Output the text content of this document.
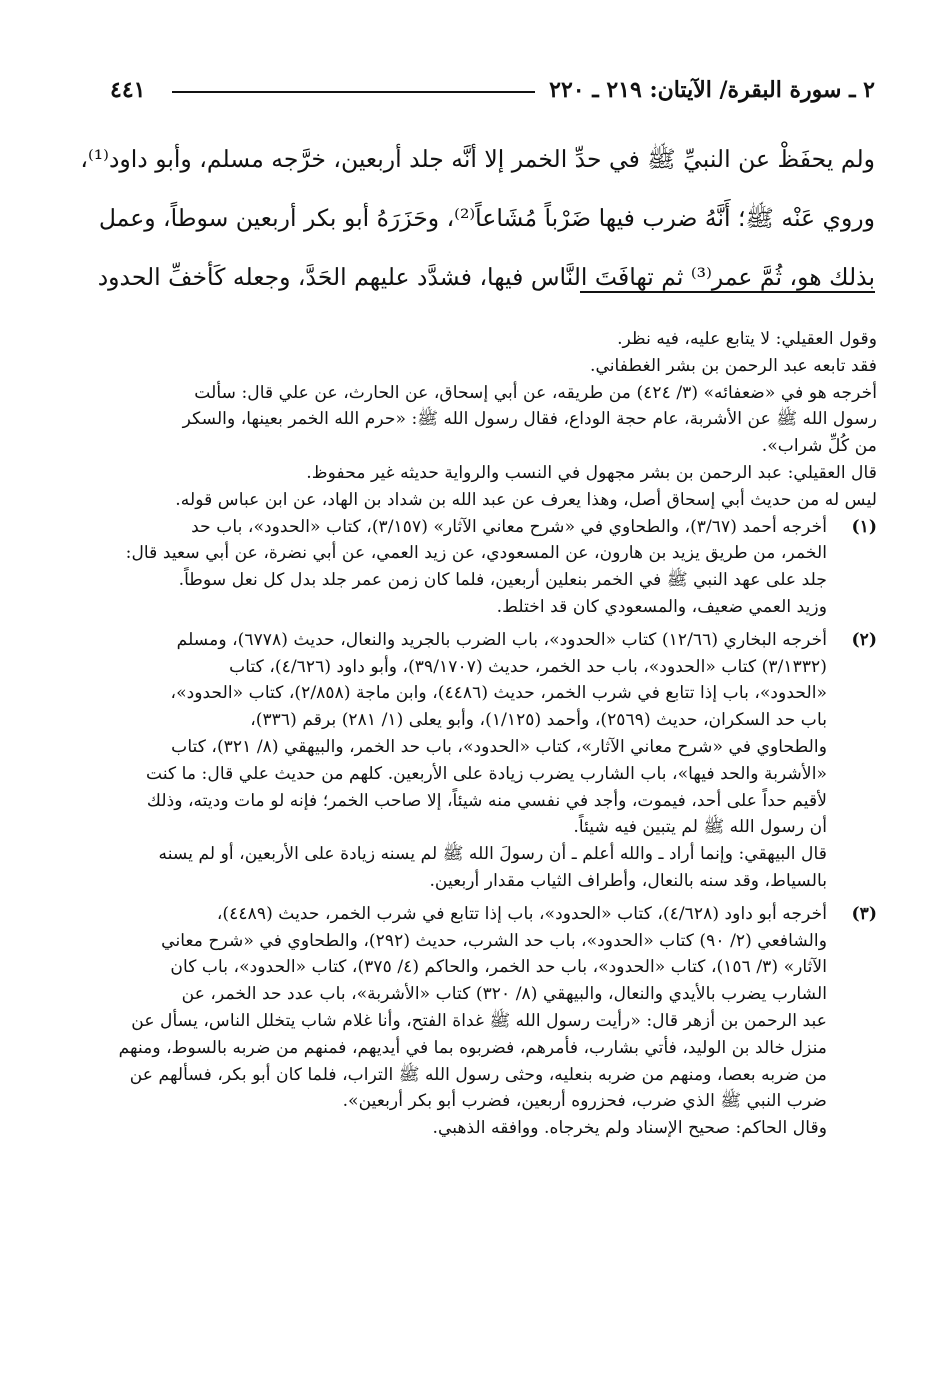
٤٤١	٢ ـ سورة البقرة/ الآيتان: ٢١٩ ـ ٢٢٠
ولم يحفَظْ عن النبيِّ ﷺ في حدِّ الخمر إلا أنَّه جلد أربعين، خرَّجه مسلم، وأبو داود⁽¹⁾،
وروي عَنْه ﷺ؛ أَنَّهُ ضرب فيها ضَرْباً مُشَاعاً⁽²⁾، وحَزَرَهُ أبو بكر أربعين سوطاً، وعمل
بذلك هو، ثُمَّ عمر⁽³⁾ ثم تهافَتَ النَّاس فيها، فشدَّد عليهم الحَدَّ، وجعله كَأخفِّ الحدود
وقول العقيلي: لا يتابع عليه، فيه نظر.
فقد تابعه عبد الرحمن بن بشر الغطفاني.
أخرجه هو في «ضعفائه» (٣/ ٤٢٤) من طريقه، عن أبي إسحاق، عن الحارث، عن علي قال: سألت
رسول الله ﷺ عن الأشربة، عام حجة الوداع، فقال رسول الله ﷺ: «حرم الله الخمر بعينها، والسكر
من كُلِّ شراب».
قال العقيلي: عبد الرحمن بن بشر مجهول في النسب والرواية حديثه غير محفوظ.
ليس له من حديث أبي إسحاق أصل، وهذا يعرف عن عبد الله بن شداد بن الهاد، عن ابن عباس قوله.
(١)
أخرجه أحمد (٣/٦٧)، والطحاوي في «شرح معاني الآثار» (٣/١٥٧)، كتاب «الحدود»، باب حد
الخمر، من طريق يزيد بن هارون، عن المسعودي، عن زيد العمي، عن أبي نضرة، عن أبي سعيد قال:
جلد على عهد النبي ﷺ في الخمر بنعلين أربعين، فلما كان زمن عمر جلد بدل كل نعل سوطاً.
وزيد العمي ضعيف، والمسعودي كان قد اختلط.
(٢)
أخرجه البخاري (١٢/٦٦) كتاب «الحدود»، باب الضرب بالجريد والنعال، حديث (٦٧٧٨)، ومسلم
(٣/١٣٣٢) كتاب «الحدود»، باب حد الخمر، حديث (٣٩/١٧٠٧)، وأبو داود (٤/٦٢٦)، كتاب
«الحدود»، باب إذا تتابع في شرب الخمر، حديث (٤٤٨٦)، وابن ماجة (٢/٨٥٨)، كتاب «الحدود»،
باب حد السكران، حديث (٢٥٦٩)، وأحمد (١/١٢٥)، وأبو يعلى (١/ ٢٨١) برقم (٣٣٦)،
والطحاوي في «شرح معاني الآثار»، كتاب «الحدود»، باب حد الخمر، والبيهقي (٨/ ٣٢١)، كتاب
«الأشربة والحد فيها»، باب الشارب يضرب زيادة على الأربعين. كلهم من حديث علي قال: ما كنت
لأقيم حداً على أحد، فيموت، وأجد في نفسي منه شيئاً، إلا صاحب الخمر؛ فإنه لو مات وديته، وذلك
أن رسول الله ﷺ لم يتبين فيه شيئاً.
قال البيهقي: وإنما أراد ـ والله أعلم ـ أن رسولَ الله ﷺ لم يسنه زيادة على الأربعين، أو لم يسنه
بالسياط، وقد سنه بالنعال، وأطراف الثياب مقدار أربعين.
(٣)
أخرجه أبو داود (٤/٦٢٨)، كتاب «الحدود»، باب إذا تتابع في شرب الخمر، حديث (٤٤٨٩)،
والشافعي (٢/ ٩٠) كتاب «الحدود»، باب حد الشرب، حديث (٢٩٢)، والطحاوي في «شرح معاني
الآثار» (٣/ ١٥٦)، كتاب «الحدود»، باب حد الخمر، والحاكم (٤/ ٣٧٥)، كتاب «الحدود»، باب كان
الشارب يضرب بالأيدي والنعال، والبيهقي (٨/ ٣٢٠) كتاب «الأشربة»، باب عدد حد الخمر، عن
عبد الرحمن بن أزهر قال: «رأيت رسول الله ﷺ غداة الفتح، وأنا غلام شاب يتخلل الناس، يسأل عن
منزل خالد بن الوليد، فأتي بشارب، فأمرهم، فضربوه بما في أيديهم، فمنهم من ضربه بالسوط، ومنهم
من ضربه بعصا، ومنهم من ضربه بنعليه، وحثى رسول الله ﷺ التراب، فلما كان أبو بكر، فسألهم عن
ضرب النبي ﷺ الذي ضرب، فحزروه أربعين، فضرب أبو بكر أربعين».
وقال الحاكم: صحيح الإسناد ولم يخرجاه. ووافقه الذهبي.
